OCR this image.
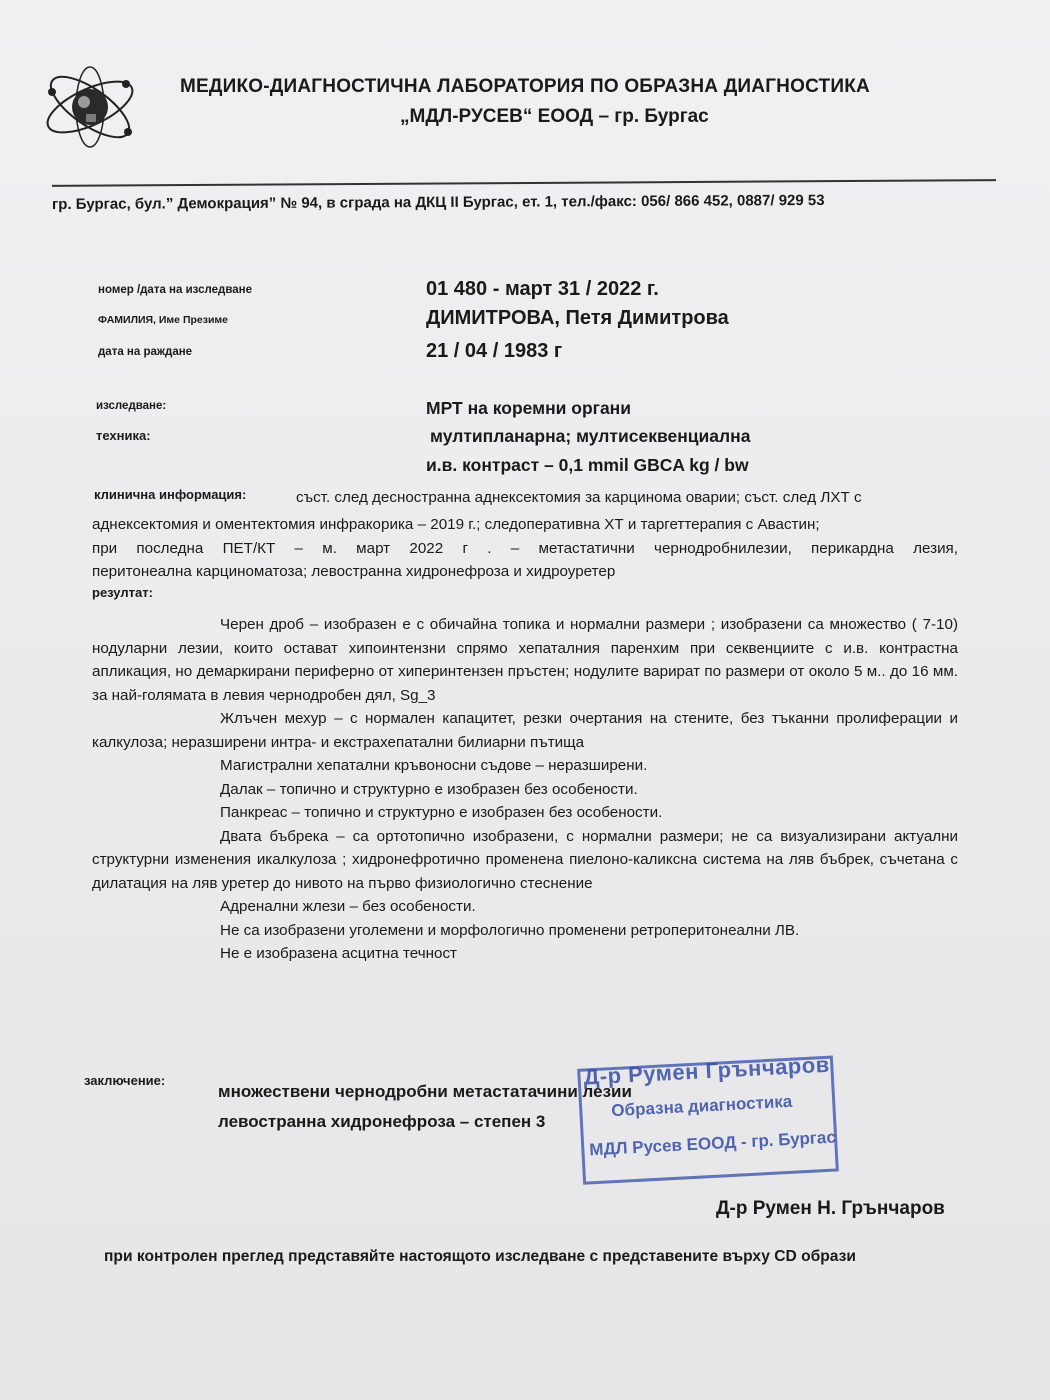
МЕДИКО-ДИАГНОСТИЧНА ЛАБОРАТОРИЯ ПО ОБРАЗНА ДИАГНОСТИКА
„МДЛ-РУСЕВ“ ЕООД – гр. Бургас
гр. Бургас, бул.” Демокрация” № 94, в сграда на ДКЦ II Бургас, ет. 1, тел./факс: 056/ 866 452, 0887/ 929 53
номер /дата на изследване	01 480 - март 31 / 2022 г.
ФАМИЛИЯ, Име Презиме	ДИМИТРОВА, Петя Димитрова
дата на раждане	21 / 04 / 1983 г
изследване:	МРТ на коремни органи
техника:	мултипланарна; мултисеквенциална
и.в. контраст – 0,1 mmil GBCA kg / bw
клинична информация:	съст. след десностранна аднексектомия за карцинома оварии; съст. след ЛХТ с

аднексектомия и оментектомия инфракорика – 2019 г.; следоперативна ХТ и таргеттерапия с Авастин;

при последна ПЕТ/КТ – м. март 2022 г . – метастатични чернодробнилезии, перикардна лезия,

перитонеална карциноматоза; левостранна хидронефроза и хидроуретер

резултат:

Черен дроб – изобразен е с обичайна топика и нормални размери ; изобразени са множество ( 7-10) нодуларни лезии, които остават хипоинтензни спрямо хепаталния паренхим при секвенциите с и.в. контрастна апликация, но демаркирани периферно от хиперинтензен пръстен; нодулите варират по размери от около 5 м.. до 16 мм. за най-голямата в левия чернодробен дял, Sg_3

Жлъчен мехур – с нормален капацитет, резки очертания на стените, без тъканни пролиферации и калкулоза; неразширени интра- и екстрахепатални билиарни пътища

Магистрални хепатални кръвоносни съдове – неразширени.

Далак – топично и структурно е изобразен без особености.

Панкреас – топично и структурно е изобразен без особености.

Двата бъбрека – са ортотопично изобразени, с нормални размери; не са визуализирани актуални структурни изменения икалкулоза ; хидронефротично променена пиелоно-каликсна система на ляв бъбрек, съчетана с дилатация на ляв уретер до нивото на първо физиологично стеснение

Адренални жлези – без особености.

Не са изобразени уголемени и морфологично променени ретроперитонеални ЛВ.

Не е изобразена асцитна течност

заключение:
множествени чернодробни метастатачини лезии
левостранна хидронефроза – степен 3
Д-р Румен Грънчаров
Образна диагностика
МДЛ Русев ЕООД - гр. Бургас
Д-р Румен Н. Грънчаров
при контролен преглед представяйте настоящото изследване с представените върху CD образи
